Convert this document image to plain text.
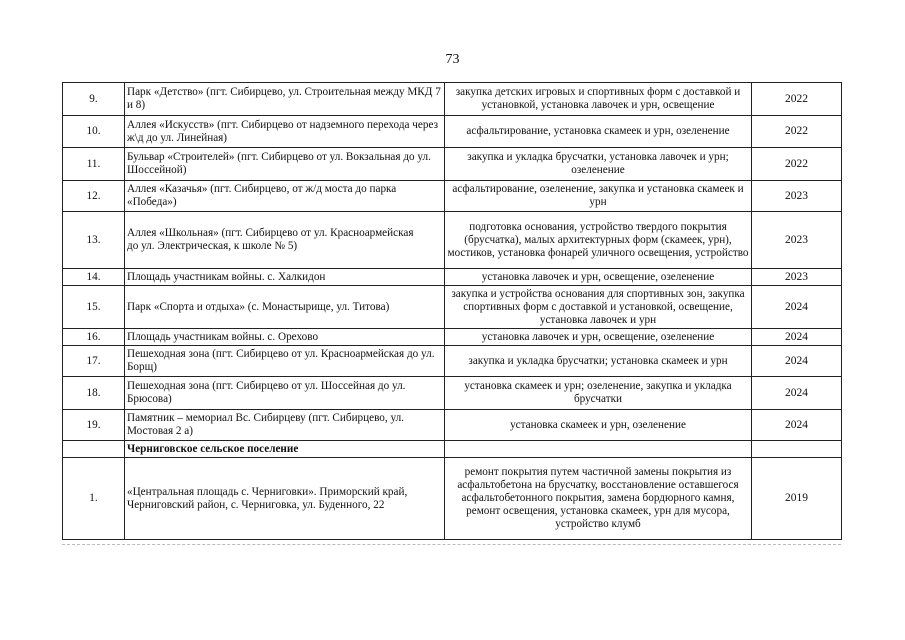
73
9.	Парк «Детство» (пгт. Сибирцево, ул. Строительная между МКД 7 и 8)	закупка детских игровых и спортивных форм с доставкой и установкой, установка лавочек и урн, освещение	2022
10.	Аллея «Искусств» (пгт. Сибирцево от надземного перехода через ж\д до ул. Линейная)	асфальтирование, установка скамеек и урн, озеленение	2022
11.	Бульвар «Строителей» (пгт. Сибирцево от ул. Вокзальная до ул. Шоссейной)	закупка и укладка брусчатки, установка лавочек и урн; озеленение	2022
12.	Аллея «Казачья» (пгт. Сибирцево, от ж/д моста до парка «Победа»)	асфальтирование, озеленение, закупка и установка скамеек и урн	2023
13.	Аллея «Школьная» (пгт. Сибирцево от ул. Красноармейская
до ул. Электрическая, к школе № 5)	подготовка основания, устройство твердого покрытия (брусчатка), малых архитектурных форм (скамеек, урн), мостиков, установка фонарей уличного освещения, устройство	2023
14.	Площадь участникам войны. с. Халкидон	установка лавочек и урн, освещение, озеленение	2023
15.	Парк «Спорта и отдыха» (с. Монастырище, ул. Титова)	закупка и устройства основания для спортивных зон, закупка спортивных форм с доставкой и установкой, освещение, установка лавочек и урн	2024
16.	Площадь участникам войны. с. Орехово	установка лавочек и урн, освещение, озеленение	2024
17.	Пешеходная зона (пгт. Сибирцево от ул. Красноармейская до ул. Борщ)	закупка и укладка брусчатки; установка скамеек и урн	2024
18.	Пешеходная зона (пгт. Сибирцево от ул. Шоссейная до ул. Брюсова)	установка скамеек и урн; озеленение, закупка и укладка брусчатки	2024
19.	Памятник – мемориал Вс. Сибирцеву (пгт. Сибирцево, ул. Мостовая 2 а)	установка скамеек и урн, озеленение	2024
	Черниговское сельское поселение		
1.	«Центральная площадь с. Черниговки». Приморский край, Черниговский район, с. Черниговка, ул. Буденного, 22	ремонт покрытия путем частичной замены покрытия из асфальтобетона на брусчатку, восстановление оставшегося асфальтобетонного покрытия, замена бордюрного камня, ремонт освещения, установка скамеек, урн для мусора, устройство клумб	2019
